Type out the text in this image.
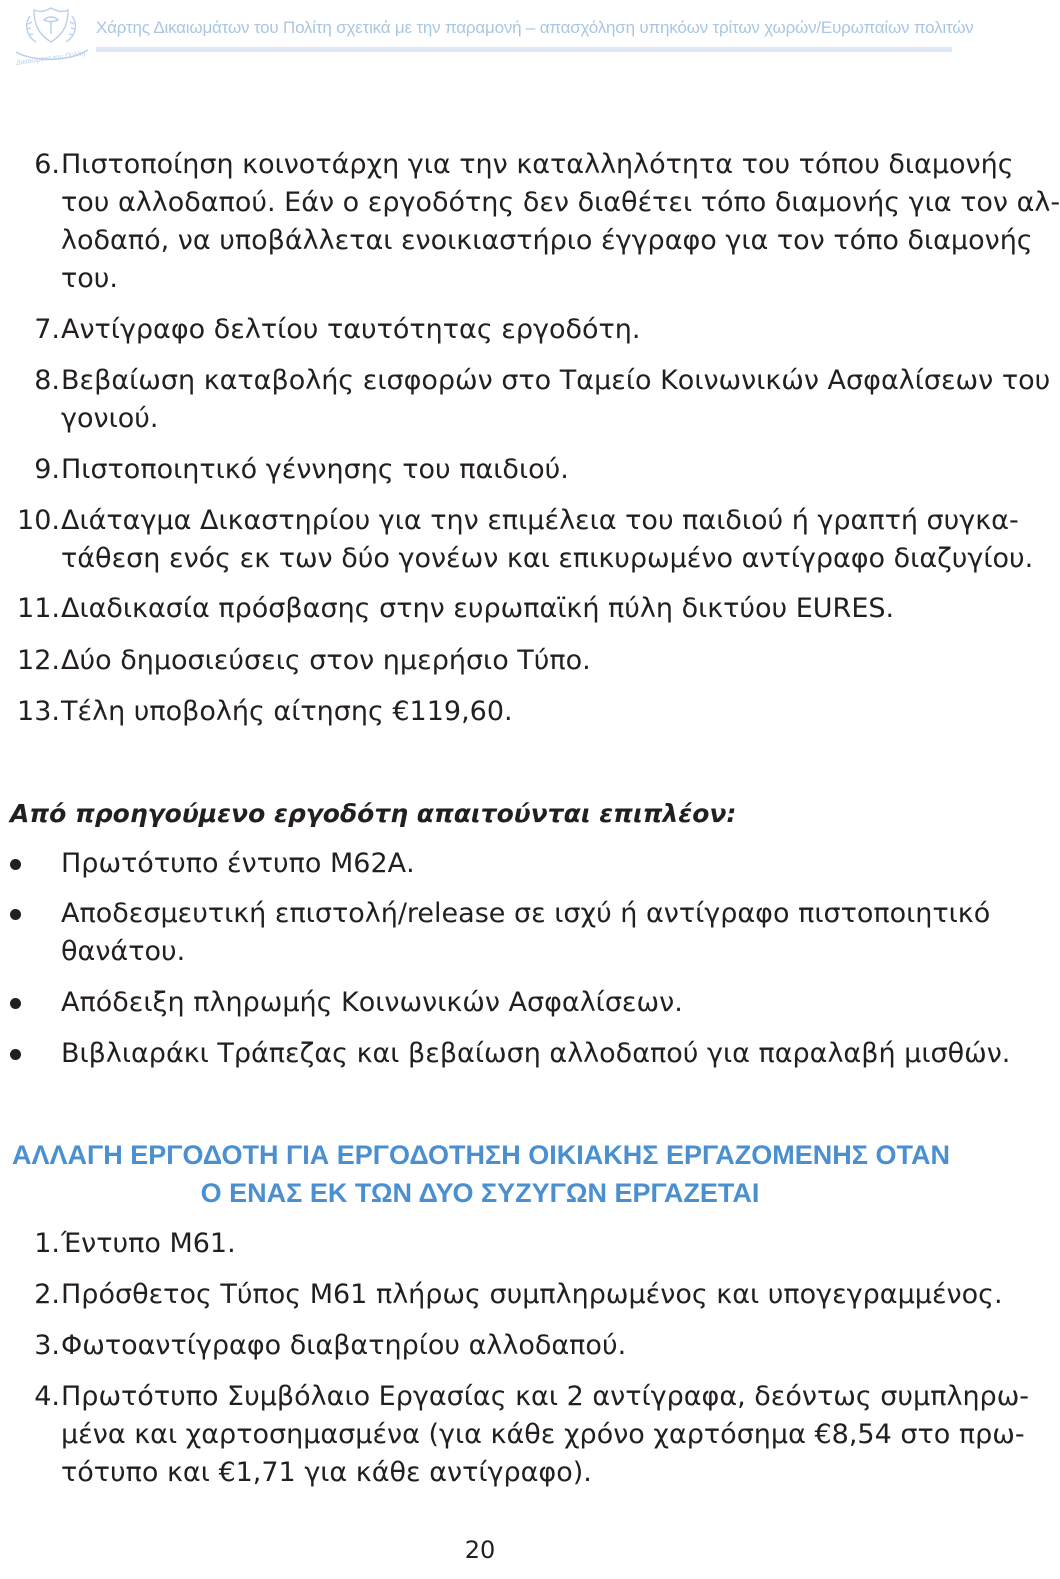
Δικαιώματα του Πολίτη
Χάρτης Δικαιωμάτων του Πολίτη σχετικά με την παραμονή – απασχόληση υπηκόων τρίτων χωρών/Ευρωπαίων πολιτών
6. Πιστοποίηση κοινοτάρχη για την καταλληλότητα του τόπου διαμονής
του αλλοδαπού. Εάν ο εργοδότης δεν διαθέτει τόπο διαμονής για τον αλ-
λοδαπό, να υποβάλλεται ενοικιαστήριο έγγραφο για τον τόπο διαμονής
του.
7. Αντίγραφο δελτίου ταυτότητας εργοδότη.
8. Βεβαίωση καταβολής εισφορών στο Ταμείο Κοινωνικών Ασφαλίσεων του
γονιού.
9. Πιστοποιητικό γέννησης του παιδιού.
10. Διάταγμα Δικαστηρίου για την επιμέλεια του παιδιού ή γραπτή συγκα-
τάθεση ενός εκ των δύο γονέων και επικυρωμένο αντίγραφο διαζυγίου.
11. Διαδικασία πρόσβασης στην ευρωπαϊκή πύλη δικτύου EURES.
12. Δύο δημοσιεύσεις στον ημερήσιο Τύπο.
13. Τέλη υποβολής αίτησης €119,60.
Από προηγούμενο εργοδότη απαιτούνται επιπλέον:
Πρωτότυπο έντυπο Μ62Α.
Αποδεσμευτική επιστολή/release σε ισχύ ή αντίγραφο πιστοποιητικό
θανάτου.
Απόδειξη πληρωμής Κοινωνικών Ασφαλίσεων.
Βιβλιαράκι Τράπεζας και βεβαίωση αλλοδαπού για παραλαβή μισθών.
ΑΛΛΑΓΗ ΕΡΓΟΔΟΤΗ ΓΙΑ ΕΡΓΟΔΟΤΗΣΗ ΟΙΚΙΑΚΗΣ ΕΡΓΑΖΟΜΕΝΗΣ ΟΤΑΝ
Ο ΕΝΑΣ ΕΚ ΤΩΝ ΔΥΟ ΣΥΖΥΓΩΝ ΕΡΓΑΖΕΤΑΙ
1. Έντυπο Μ61.
2. Πρόσθετος Τύπος Μ61 πλήρως συμπληρωμένος και υπογεγραμμένος.
3. Φωτοαντίγραφο διαβατηρίου αλλοδαπού.
4. Πρωτότυπο Συμβόλαιο Εργασίας και 2 αντίγραφα, δεόντως συμπληρω-
μένα και χαρτοσημασμένα (για κάθε χρόνο χαρτόσημα €8,54 στο πρω-
τότυπο και €1,71 για κάθε αντίγραφο).
20
